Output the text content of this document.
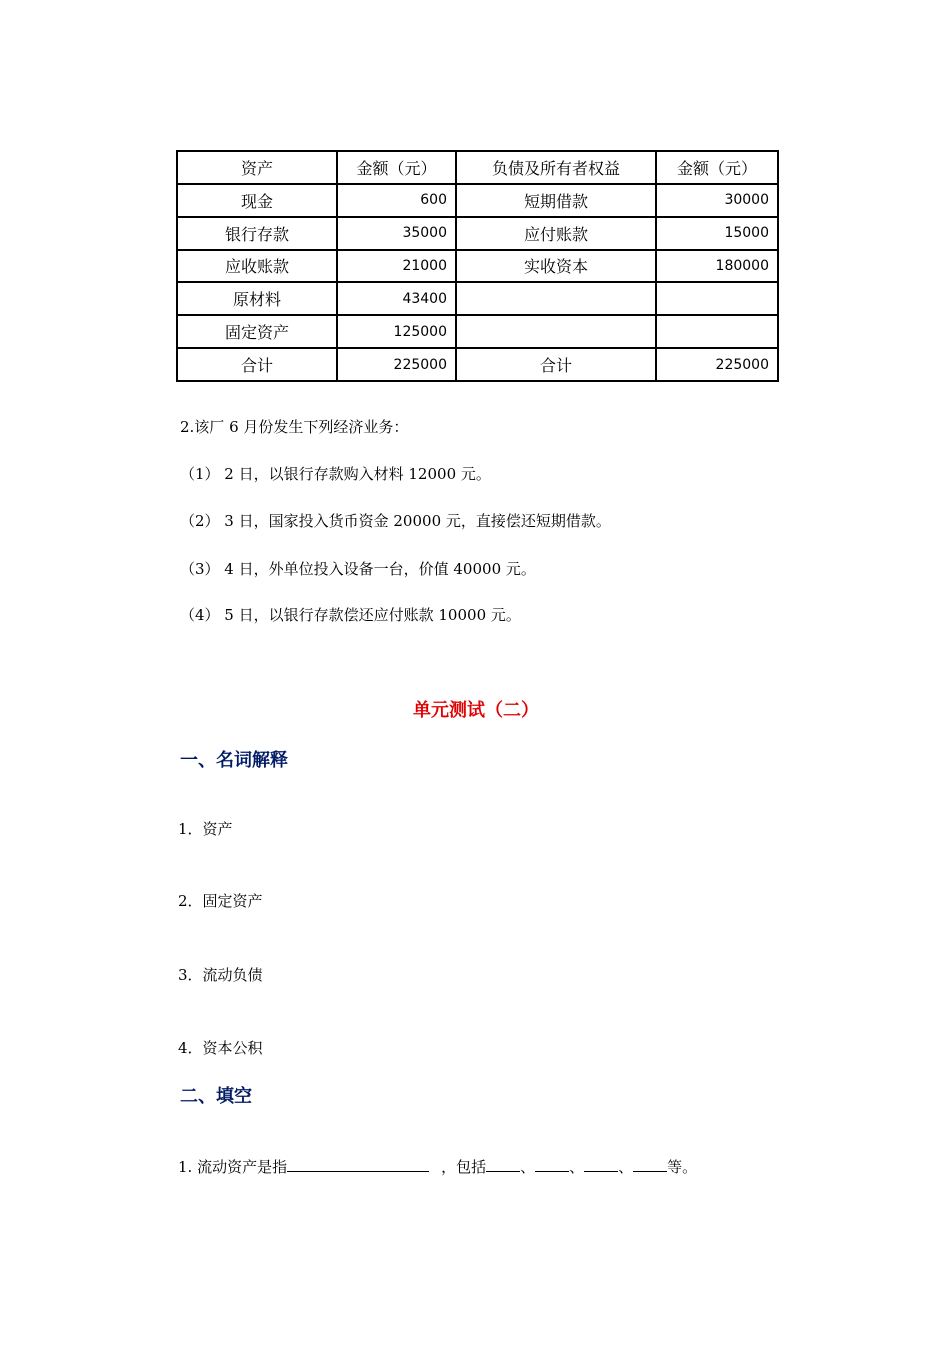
资产	金额（元）	负债及所有者权益	金额（元）
现金	600	短期借款	30000
银行存款	35000	应付账款	15000
应收账款	21000	实收资本	180000
原材料	43400		
固定资产	125000		
合计	225000	合计	225000
2.该厂 6 月份发生下列经济业务：
（1） 2 日，以银行存款购入材料 12000 元。
（2） 3 日，国家投入货币资金 20000 元，直接偿还短期借款。
（3） 4 日，外单位投入设备一台，价值 40000 元。
（4） 5 日，以银行存款偿还应付账款 10000 元。
单元测试（二）
一、名词解释
1．资产
2．固定资产
3．流动负债
4．资本公积
二、填空
1. 流动资产是指	，包括 、 、 、 等。
